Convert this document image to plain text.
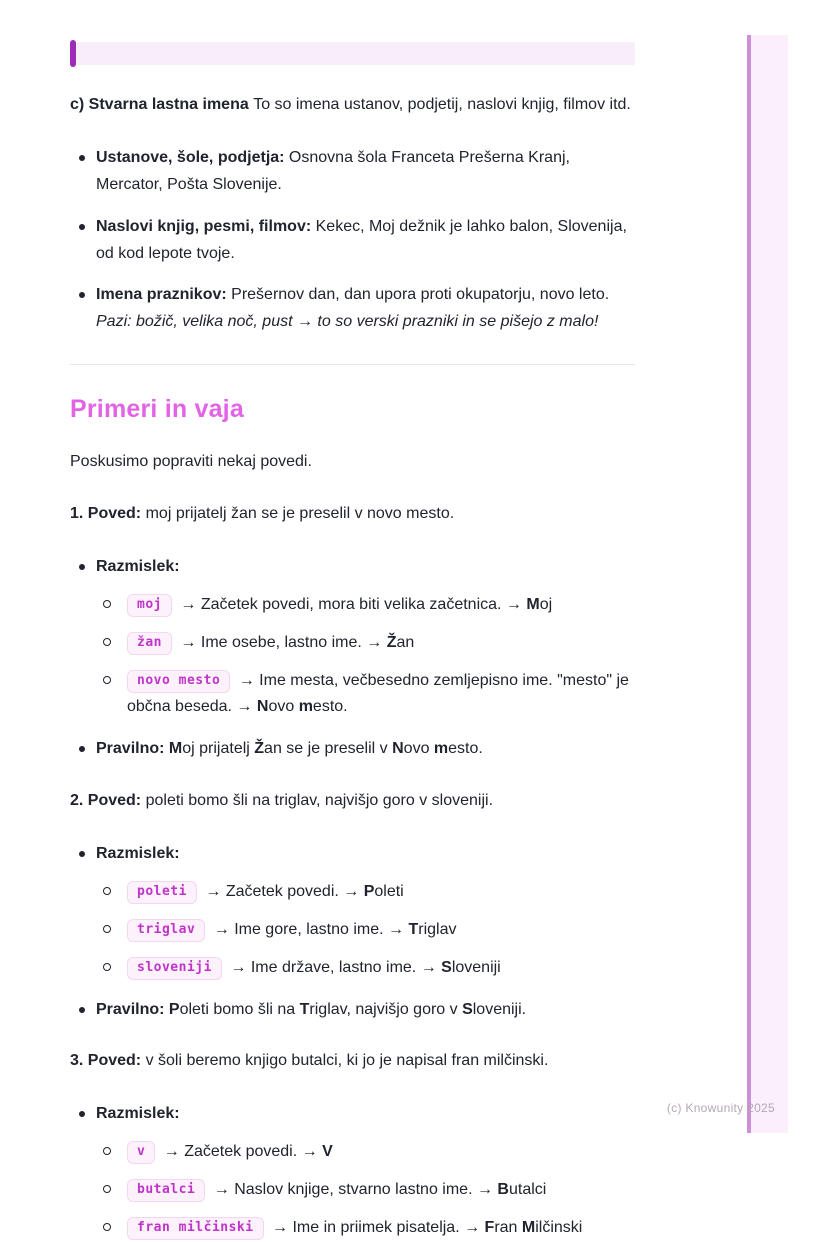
(c) Knowunity 2025

c) Stvarna lastna imena To so imena ustanov, podjetij, naslovi knjig, filmov itd.

Ustanove, šole, podjetja: Osnovna šola Franceta Prešerna Kranj, Mercator, Pošta Slovenije.
Naslovi knjig, pesmi, filmov: Kekec, Moj dežnik je lahko balon, Slovenija, od kod lepote tvoje.
Imena praznikov: Prešernov dan, dan upora proti okupatorju, novo leto.
Pazi: božič, velika noč, pust → to so verski prazniki in se pišejo z malo!
Primeri in vaja

Poskusimo popraviti nekaj povedi.

1. Poved: moj prijatelj žan se je preselil v novo mesto.

Razmislek:
moj → Začetek povedi, mora biti velika začetnica. → Moj
žan → Ime osebe, lastno ime. → Žan
novo mesto → Ime mesta, večbesedno zemljepisno ime. "mesto" je občna beseda. → Novo mesto.
Pravilno: Moj prijatelj Žan se je preselil v Novo mesto.

2. Poved: poleti bomo šli na triglav, najvišjo goro v sloveniji.

Razmislek:
poleti → Začetek povedi. → Poleti
triglav → Ime gore, lastno ime. → Triglav
sloveniji → Ime države, lastno ime. → Sloveniji
Pravilno: Poleti bomo šli na Triglav, najvišjo goro v Sloveniji.

3. Poved: v šoli beremo knjigo butalci, ki jo je napisal fran milčinski.

Razmislek:
v → Začetek povedi. → V
butalci → Naslov knjige, stvarno lastno ime. → Butalci
fran milčinski → Ime in priimek pisatelja. → Fran Milčinski
